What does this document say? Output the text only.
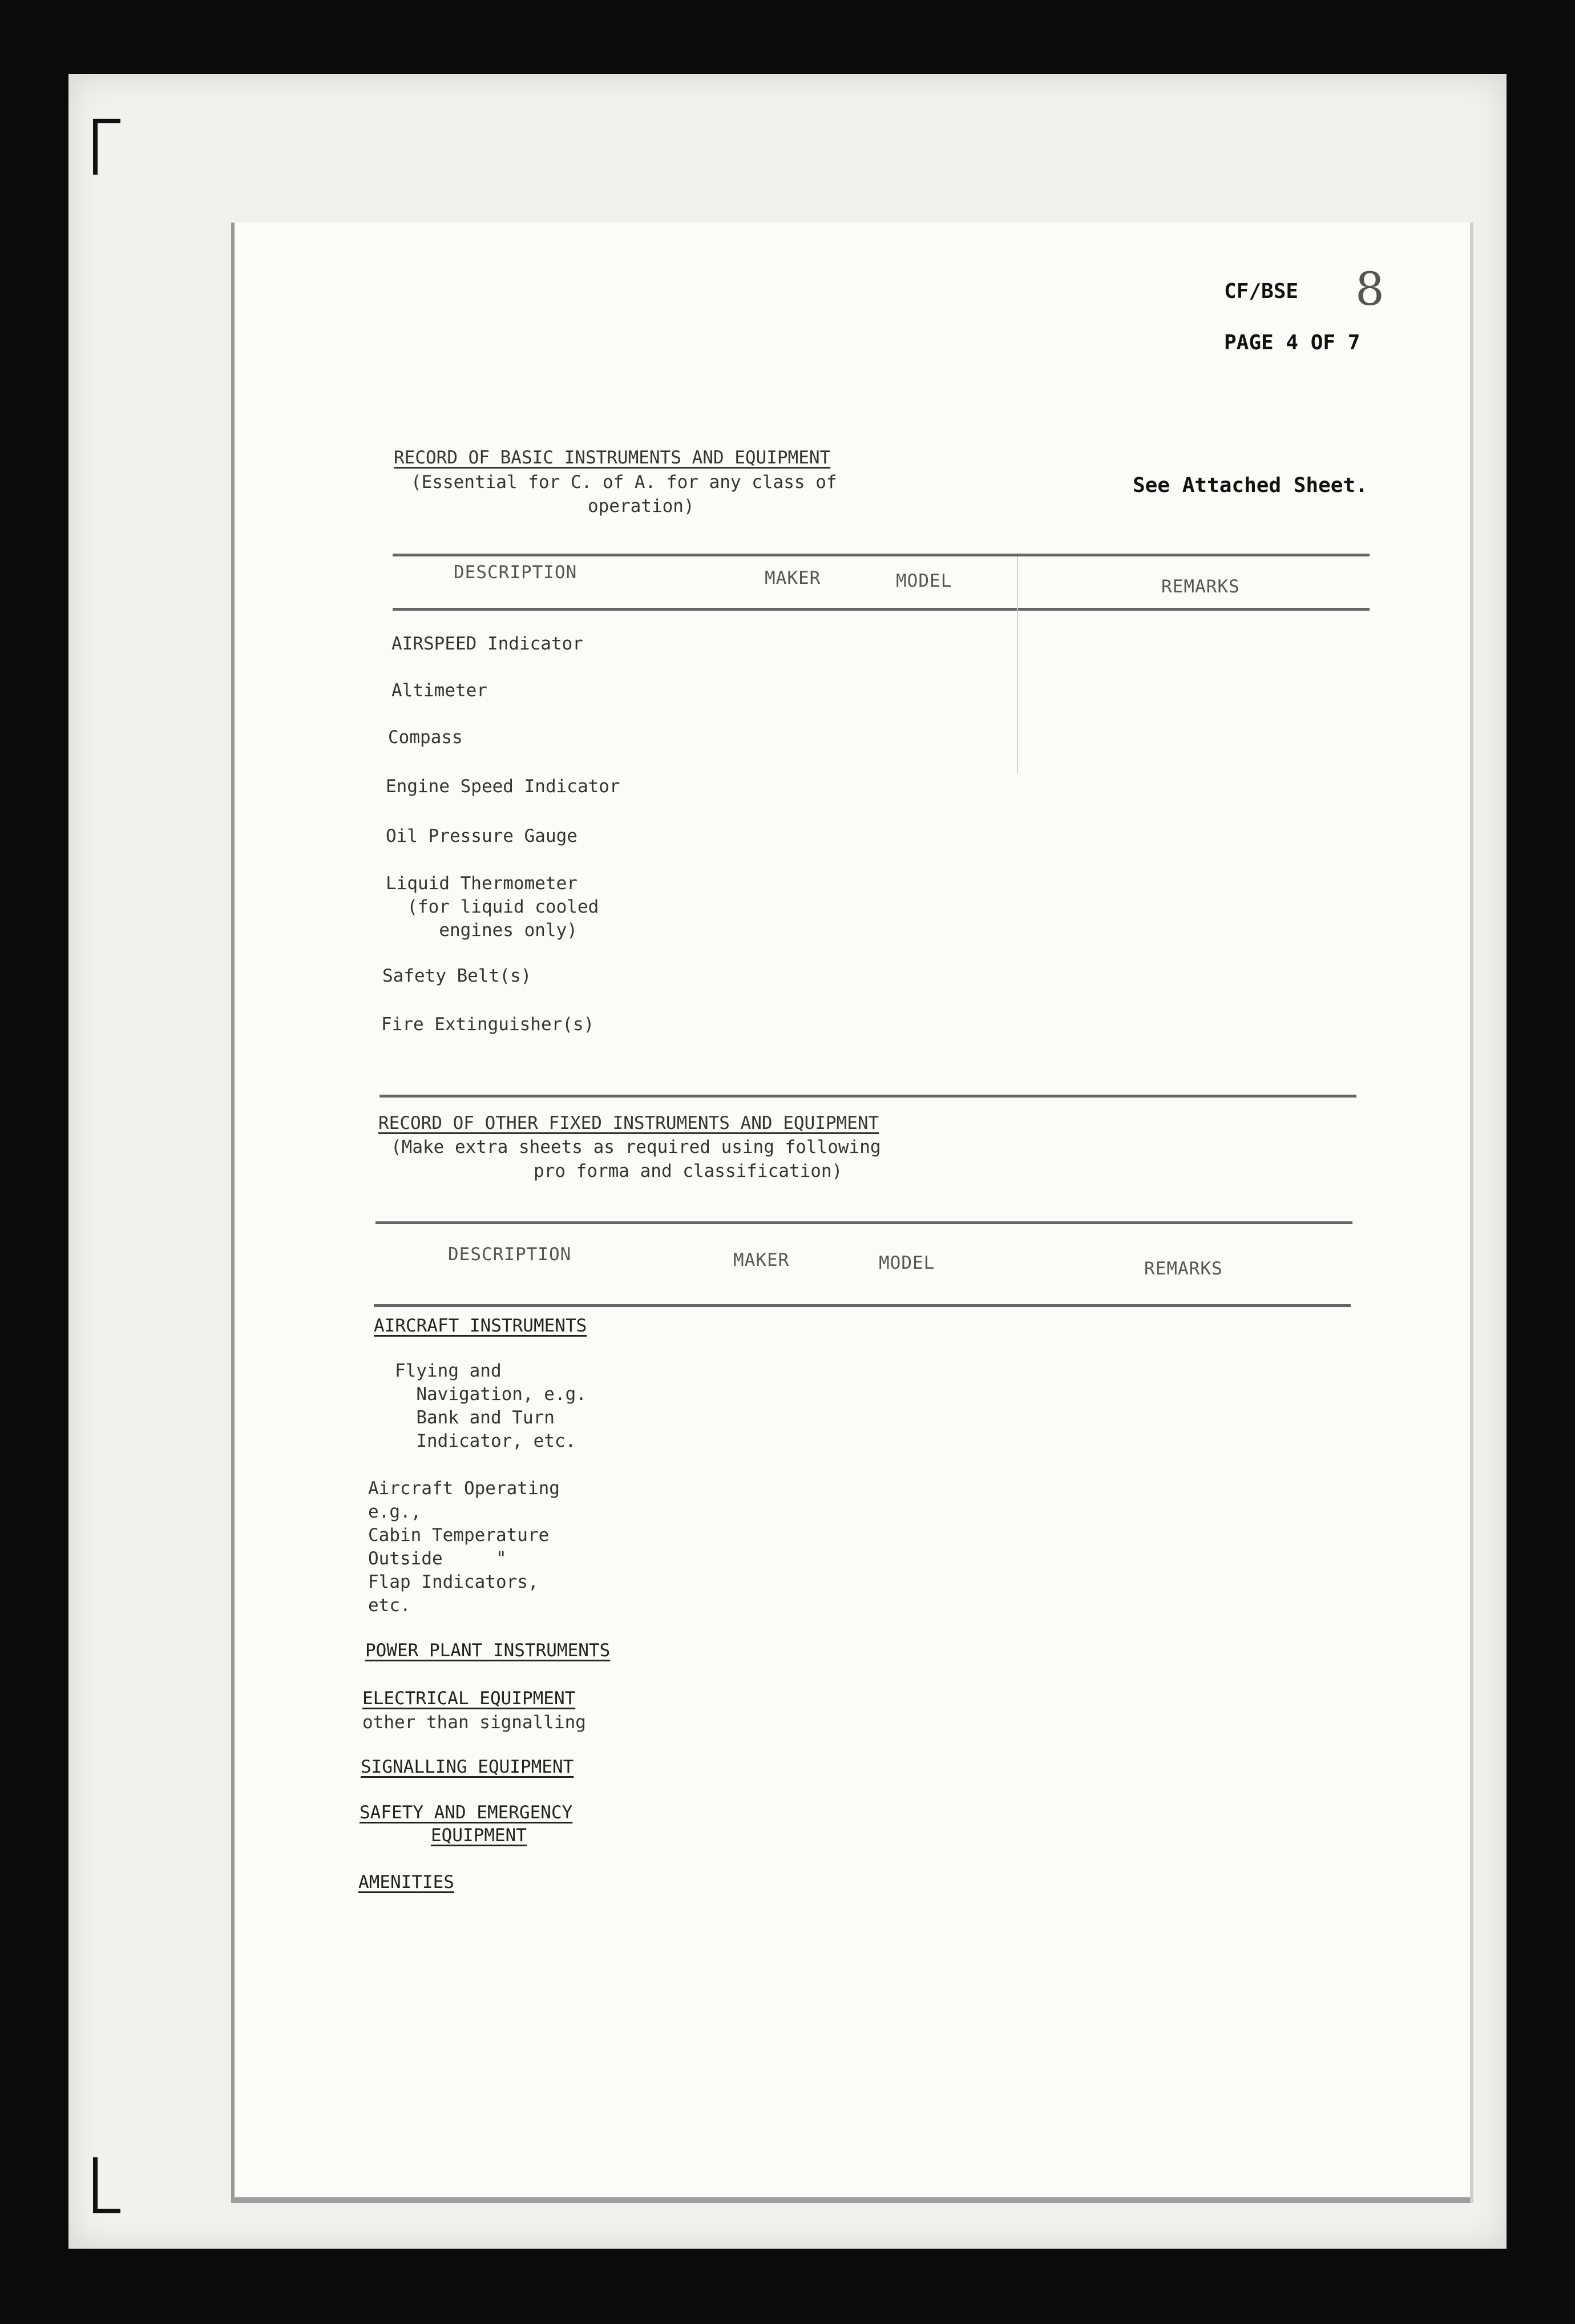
CF/BSE 8
PAGE 4 OF 7
RECORD OF BASIC INSTRUMENTS AND EQUIPMENT
(Essential for C. of A. for any class of
operation)
See Attached Sheet.
DESCRIPTION	MAKER	MODEL	REMARKS
AIRSPEED Indicator
Altimeter
Compass
Engine Speed Indicator
Oil Pressure Gauge
Liquid Thermometer
(for liquid cooled
engines only)
Safety Belt(s)
Fire Extinguisher(s)
RECORD OF OTHER FIXED INSTRUMENTS AND EQUIPMENT
(Make extra sheets as required using following
pro forma and classification)
DESCRIPTION	MAKER	MODEL	REMARKS
AIRCRAFT INSTRUMENTS
Flying and
Navigation, e.g.
Bank and Turn
Indicator, etc.
Aircraft Operating
e.g.,
Cabin Temperature
Outside     "
Flap Indicators,
etc.
POWER PLANT INSTRUMENTS
ELECTRICAL EQUIPMENT
other than signalling
SIGNALLING EQUIPMENT
SAFETY AND EMERGENCY
EQUIPMENT
AMENITIES
